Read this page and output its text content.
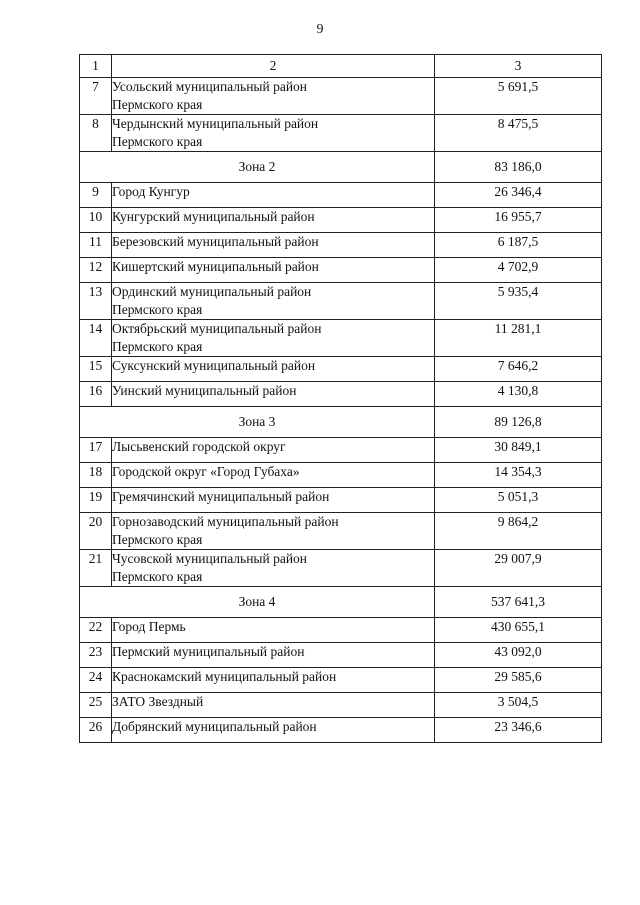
9
1	2	3
7	Усольский муниципальный район
Пермского края	5 691,5
8	Чердынский муниципальный район
Пермского края	8 475,5
Зона 2		83 186,0
9	Город Кунгур	26 346,4
10	Кунгурский муниципальный район	16 955,7
11	Березовский муниципальный район	6 187,5
12	Кишертский муниципальный район	4 702,9
13	Ординский муниципальный район
Пермского края	5 935,4
14	Октябрьский муниципальный район
Пермского края	11 281,1
15	Суксунский муниципальный район	7 646,2
16	Уинский муниципальный район	4 130,8
Зона 3		89 126,8
17	Лысьвенский городской округ	30 849,1
18	Городской округ «Город Губаха»	14 354,3
19	Гремячинский муниципальный район	5 051,3
20	Горнозаводский муниципальный район
Пермского края	9 864,2
21	Чусовской муниципальный район
Пермского края	29 007,9
Зона 4		537 641,3
22	Город Пермь	430 655,1
23	Пермский муниципальный район	43 092,0
24	Краснокамский муниципальный район	29 585,6
25	ЗАТО Звездный	3 504,5
26	Добрянский муниципальный район	23 346,6
